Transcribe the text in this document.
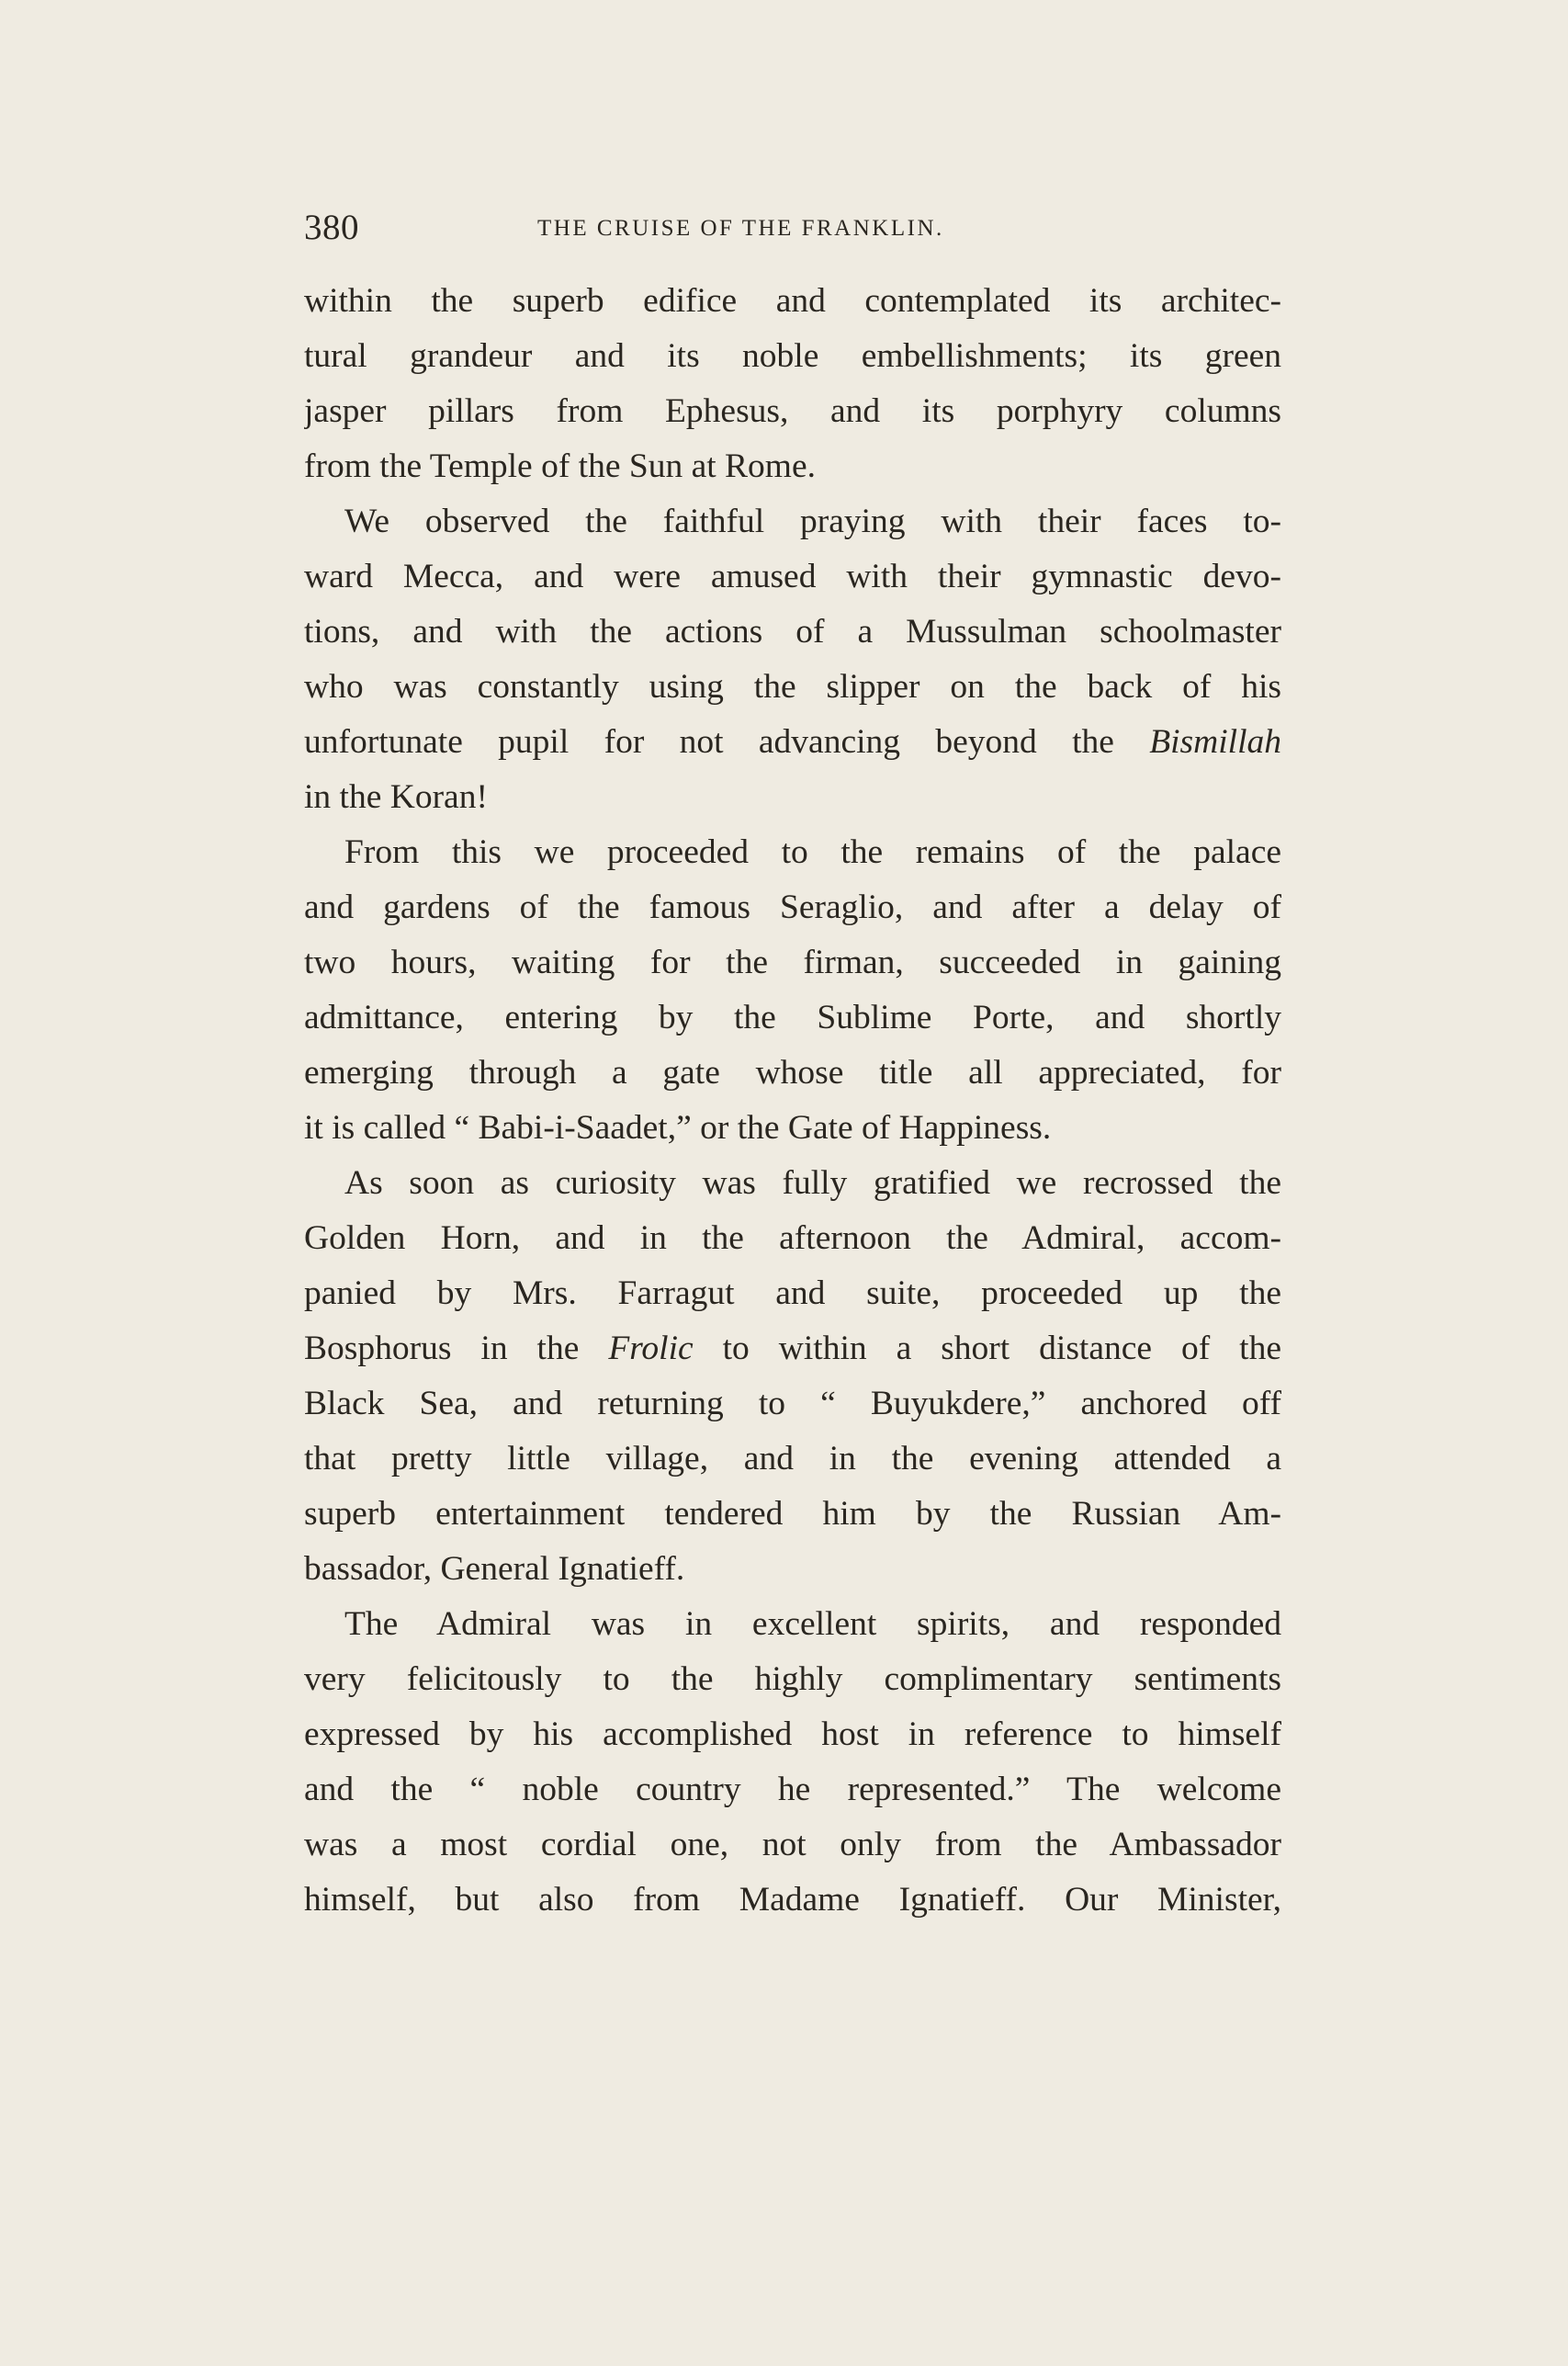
380	THE CRUISE OF THE FRANKLIN.
within the superb edifice and contemplated its architec-
tural grandeur and its noble embellishments; its green
jasper pillars from Ephesus, and its porphyry columns
from the Temple of the Sun at Rome.
We observed the faithful praying with their faces to-
ward Mecca, and were amused with their gymnastic devo-
tions, and with the actions of a Mussulman schoolmaster
who was constantly using the slipper on the back of his
unfortunate pupil for not advancing beyond the Bismillah
in the Koran!
From this we proceeded to the remains of the palace
and gardens of the famous Seraglio, and after a delay of
two hours, waiting for the firman, succeeded in gaining
admittance, entering by the Sublime Porte, and shortly
emerging through a gate whose title all appreciated, for
it is called “ Babi-i-Saadet,” or the Gate of Happiness.
As soon as curiosity was fully gratified we recrossed the
Golden Horn, and in the afternoon the Admiral, accom-
panied by Mrs. Farragut and suite, proceeded up the
Bosphorus in the Frolic to within a short distance of the
Black Sea, and returning to “ Buyukdere,” anchored off
that pretty little village, and in the evening attended a
superb entertainment tendered him by the Russian Am-
bassador, General Ignatieff.
The Admiral was in excellent spirits, and responded
very felicitously to the highly complimentary sentiments
expressed by his accomplished host in reference to himself
and the “ noble country he represented.” The welcome
was a most cordial one, not only from the Ambassador
himself, but also from Madame Ignatieff. Our Minister,
